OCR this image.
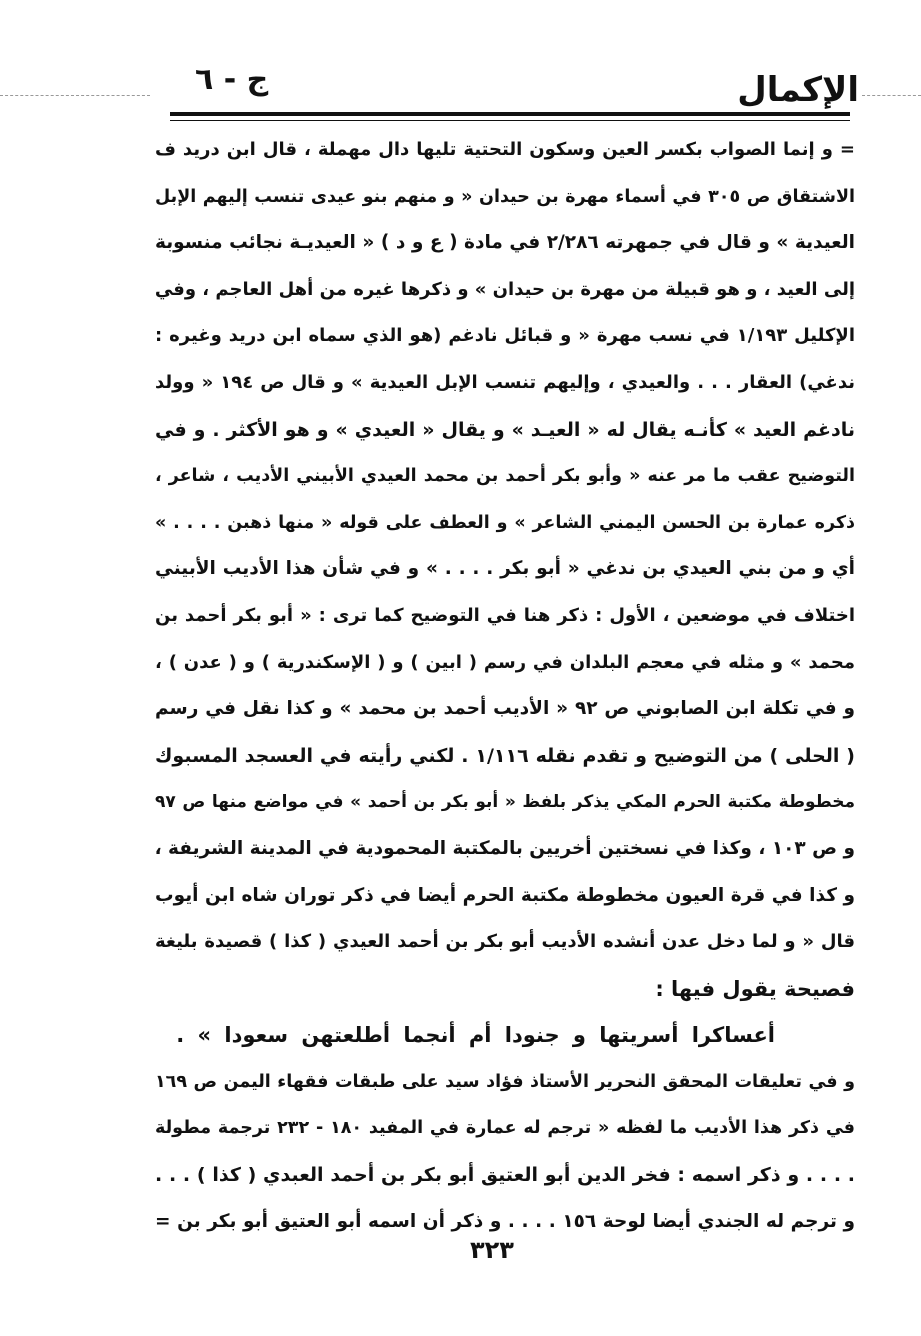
ج - ٦	الإكمال
= و إنما الصواب بكسر العين وسكون التحتية تليها دال مهملة ، قال ابن دريد ف
الاشتقاق ص ٣٠٥ في أسماء مهرة بن حيدان « و منهم بنو عيدى تنسب إليهم الإبل
العيدية » و قال في جمهرته ٢/٢٨٦ في مادة ( ع و د ) « العيديـة نجائب منسوبة
إلى العيد ، و هو قبيلة من مهرة بن حيدان » و ذكرها غيره من أهل العاجم ، وفي
الإكليل ١/١٩٣ في نسب مهرة « و قبائل نادغم (هو الذي سماه ابن دريد وغيره :
ندغي) العقار . . . والعيدي ، وإليهم تنسب الإبل العيدية » و قال ص ١٩٤ « وولد
نادغم العيد » كأنـه يقال له « العيـد » و يقال « العيدي » و هو الأكثر . و في
التوضيح عقب ما مر عنه « وأبو بكر أحمد بن محمد العيدي الأبيني الأديب ، شاعر ،
ذكره عمارة بن الحسن اليمني الشاعر » و العطف على قوله « منها ذهبن . . . . »
أي و من بني العيدي بن ندغي « أبو بكر . . . . » و في شأن هذا الأديب الأبيني
اختلاف في موضعين ، الأول : ذكر هنا في التوضيح كما ترى : « أبو بكر أحمد بن
محمد » و مثله في معجم البلدان في رسم ( ابين ) و ( الإسكندرية ) و ( عدن ) ،
و في تكلة ابن الصابوني ص ٩٢ « الأديب أحمد بن محمد » و كذا نقل في رسم
( الحلى ) من التوضيح و تقدم نقله ١/١١٦ . لكني رأيته في العسجد المسبوك
مخطوطة مكتبة الحرم المكي يذكر بلفظ « أبو بكر بن أحمد » في مواضع منها ص ٩٧
و ص ١٠٣ ، وكذا في نسختين أخريين بالمكتبة المحمودية في المدينة الشريفة ،
و كذا في قرة العيون مخطوطة مكتبة الحرم أيضا في ذكر توران شاه ابن أيوب
قال « و لما دخل عدن أنشده الأديب أبو بكر بن أحمد العيدي ( كذا ) قصيدة بليغة
فصيحة يقول فيها :
أعساكرا أسريتها و جنودا أم أنجما أطلعتهن سعودا » .
و في تعليقات المحقق النحرير الأستاذ فؤاد سيد على طبقات فقهاء اليمن ص ١٦٩
في ذكر هذا الأديب ما لفظه « ترجم له عمارة في المفيد ١٨٠ - ٢٣٢ ترجمة مطولة
. . . . و ذكر اسمه : فخر الدين أبو العتيق أبو بكر بن أحمد العبدي ( كذا ) . . .
و ترجم له الجندي أيضا لوحة ١٥٦ . . . . و ذكر أن اسمه أبو العتيق أبو بكر بن =
٣٢٣
